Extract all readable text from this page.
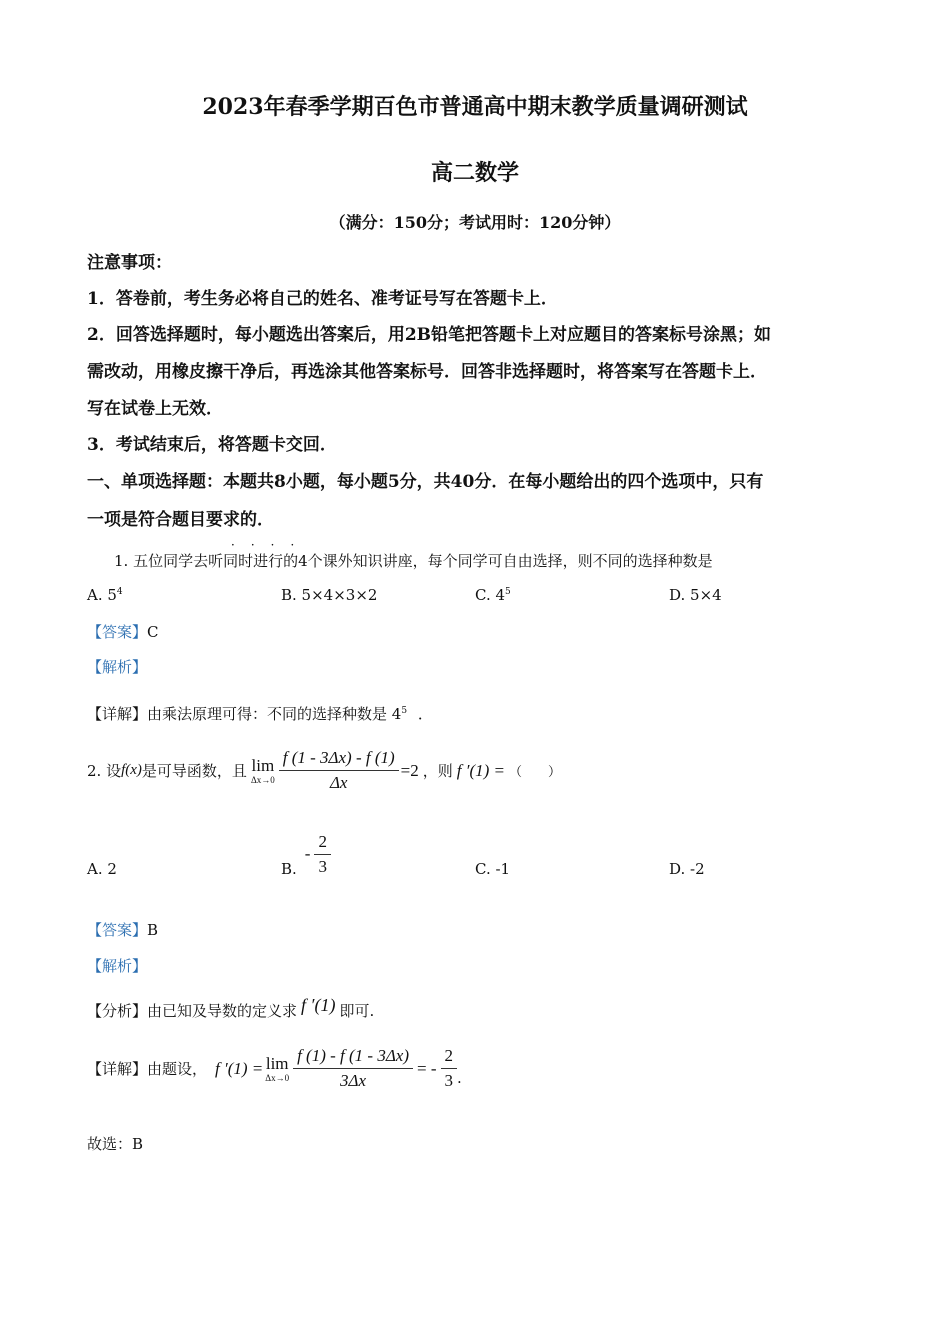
2023年春季学期百色市普通高中期末教学质量调研测试
高二数学
（满分：150分；考试用时：120分钟）
注意事项：
1．答卷前，考生务必将自己的姓名、准考证号写在答题卡上．
2．回答选择题时，每小题选出答案后，用2B铅笔把答题卡上对应题目的答案标号涂黑；如
需改动，用橡皮擦干净后，再选涂其他答案标号．回答非选择题时，将答案写在答题卡上．
写在试卷上无效．
3．考试结束后，将答题卡交回．
一、单项选择题：本题共8小题，每小题5分，共40分．在每小题给出的四个选项中，只有
一项是符合题目要求的．
． ． ． ．
1. 五位同学去听同时进行的4个课外知识讲座，每个同学可自由选择，则不同的选择种数是
A. $5^4$	B. 5×4×3×2	C. $4^5$	D. 5×4
【答案】C
【解析】
【详解】由乘法原理可得：不同的选择种数是 $4^5$ ．
2. 设 f(x) 是可导函数，且 lim
$\Delta x\to 0 \frac{f (1 - 3\Delta x) - f (1)}{\Delta x} =2$ ，则 f ′(1) = （　　）
A. 2	B.
- $\frac{2}{3}$	C. -1	D. -2
【答案】B
【解析】
【分析】 由已知及导数的定义求 f ′(1) 即可.
【详解】 由题设， f ′(1) = lim
$\Delta x\to 0 \frac{f (1) - f (1 - 3\Delta x)}{3\Delta x}$ = - $\frac{2}{3}$ .
故选：B
